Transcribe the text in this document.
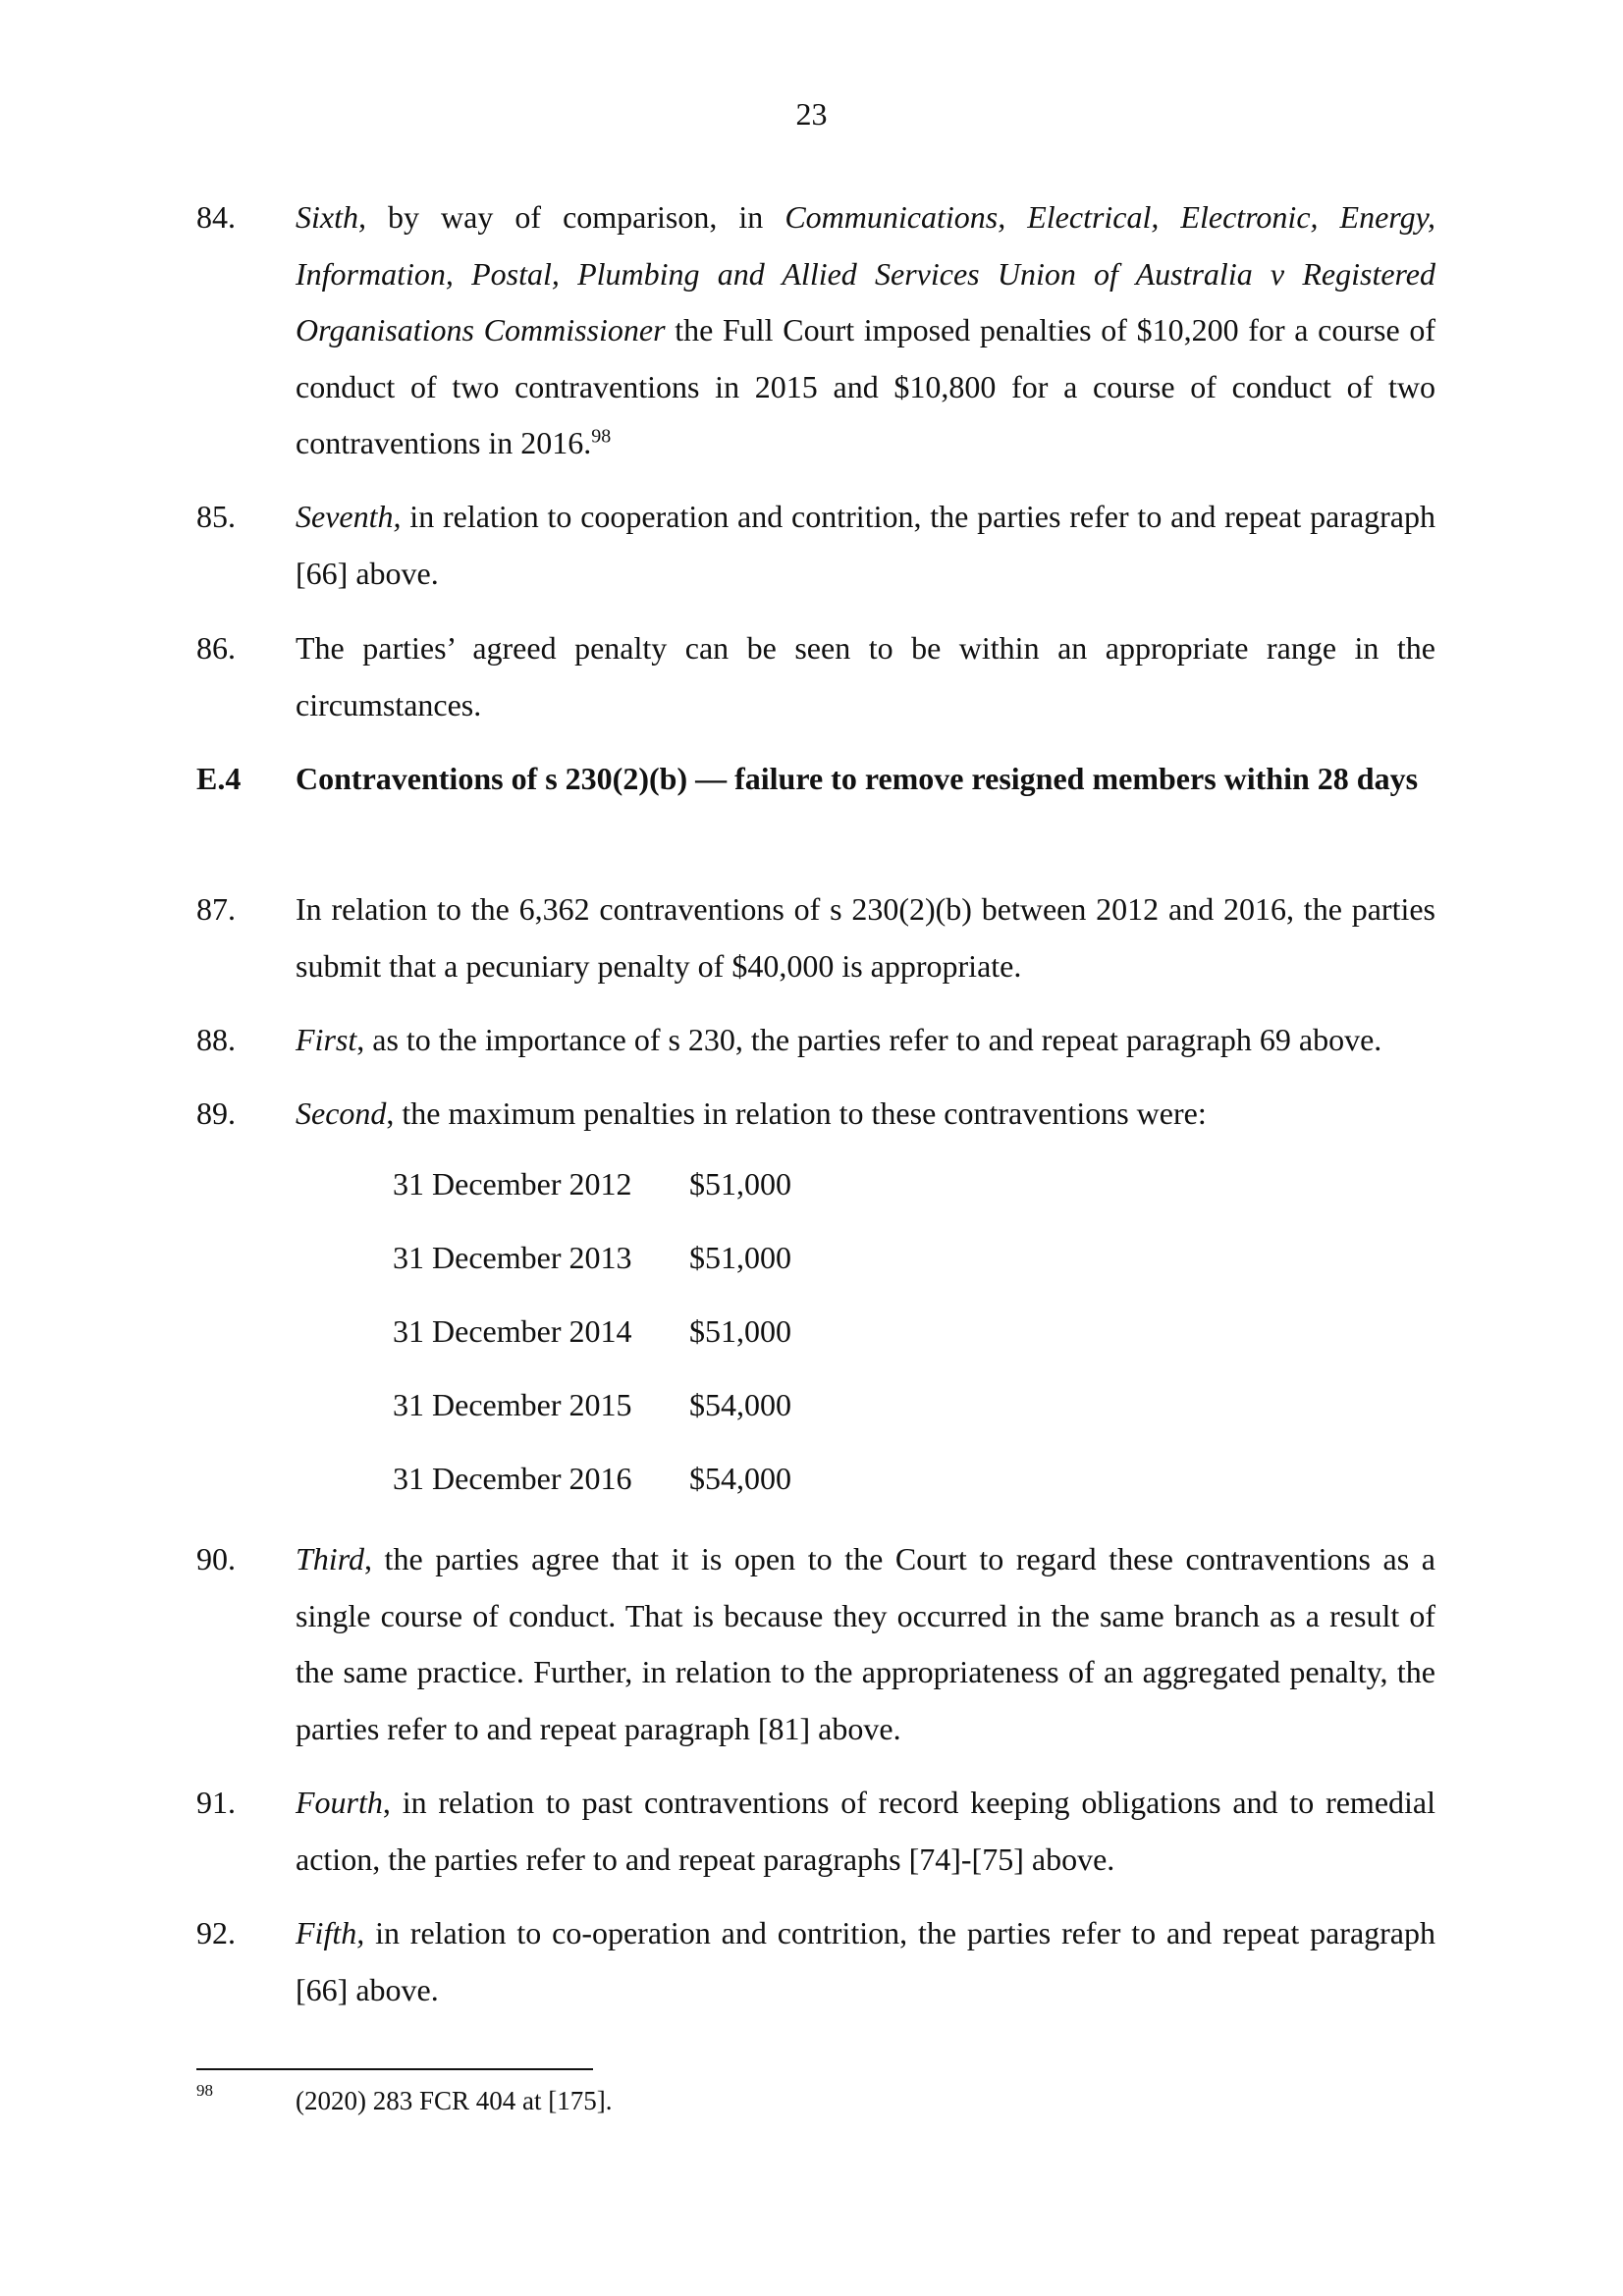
23
84. Sixth, by way of comparison, in Communications, Electrical, Electronic, Energy, Information, Postal, Plumbing and Allied Services Union of Australia v Registered Organisations Commissioner the Full Court imposed penalties of $10,200 for a course of conduct of two contraventions in 2015 and $10,800 for a course of conduct of two contraventions in 2016.98
85. Seventh, in relation to cooperation and contrition, the parties refer to and repeat paragraph [66] above.
86. The parties’ agreed penalty can be seen to be within an appropriate range in the circumstances.
E.4 Contraventions of s 230(2)(b) — failure to remove resigned members within 28 days
87. In relation to the 6,362 contraventions of s 230(2)(b) between 2012 and 2016, the parties submit that a pecuniary penalty of $40,000 is appropriate.
88. First, as to the importance of s 230, the parties refer to and repeat paragraph 69 above.
89. Second, the maximum penalties in relation to these contraventions were:
31 December 2012 $51,000
31 December 2013 $51,000
31 December 2014 $51,000
31 December 2015 $54,000
31 December 2016 $54,000
90. Third, the parties agree that it is open to the Court to regard these contraventions as a single course of conduct. That is because they occurred in the same branch as a result of the same practice. Further, in relation to the appropriateness of an aggregated penalty, the parties refer to and repeat paragraph [81] above.
91. Fourth, in relation to past contraventions of record keeping obligations and to remedial action, the parties refer to and repeat paragraphs [74]-[75] above.
92. Fifth, in relation to co-operation and contrition, the parties refer to and repeat paragraph [66] above.
98	(2020) 283 FCR 404 at [175].
